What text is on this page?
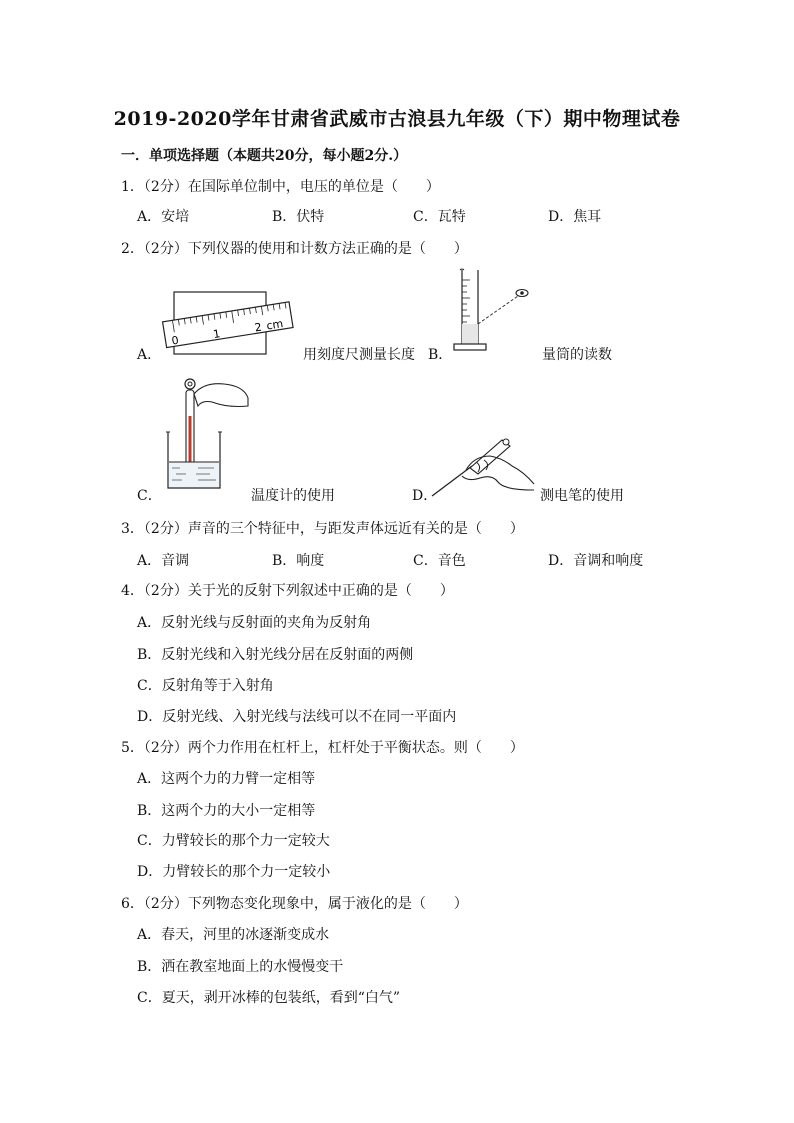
2019-2020学年甘肃省武威市古浪县九年级（下）期中物理试卷
一．单项选择题（本题共20分，每小题2分.）
1．（2分）在国际单位制中，电压的单位是（　　）
A．安培	B．伏特	C．瓦特	D．焦耳
2．（2分）下列仪器的使用和计数方法正确的是（　　）
0	1	2 cm
A．	用刻度尺测量长度 B．	量筒的读数
C．	温度计的使用	D．	测电笔的使用
3．（2分）声音的三个特征中，与距发声体远近有关的是（　　）
A．音调	B．响度	C．音色	D．音调和响度
4．（2分）关于光的反射下列叙述中正确的是（　　）
A．反射光线与反射面的夹角为反射角
B．反射光线和入射光线分居在反射面的两侧
C．反射角等于入射角
D．反射光线、入射光线与法线可以不在同一平面内
5．（2分）两个力作用在杠杆上，杠杆处于平衡状态。则（　　）
A．这两个力的力臂一定相等
B．这两个力的大小一定相等
C．力臂较长的那个力一定较大
D．力臂较长的那个力一定较小
6．（2分）下列物态变化现象中，属于液化的是（　　）
A．春天，河里的冰逐渐变成水
B．洒在教室地面上的水慢慢变干
C．夏天，剥开冰棒的包装纸，看到“白气”
